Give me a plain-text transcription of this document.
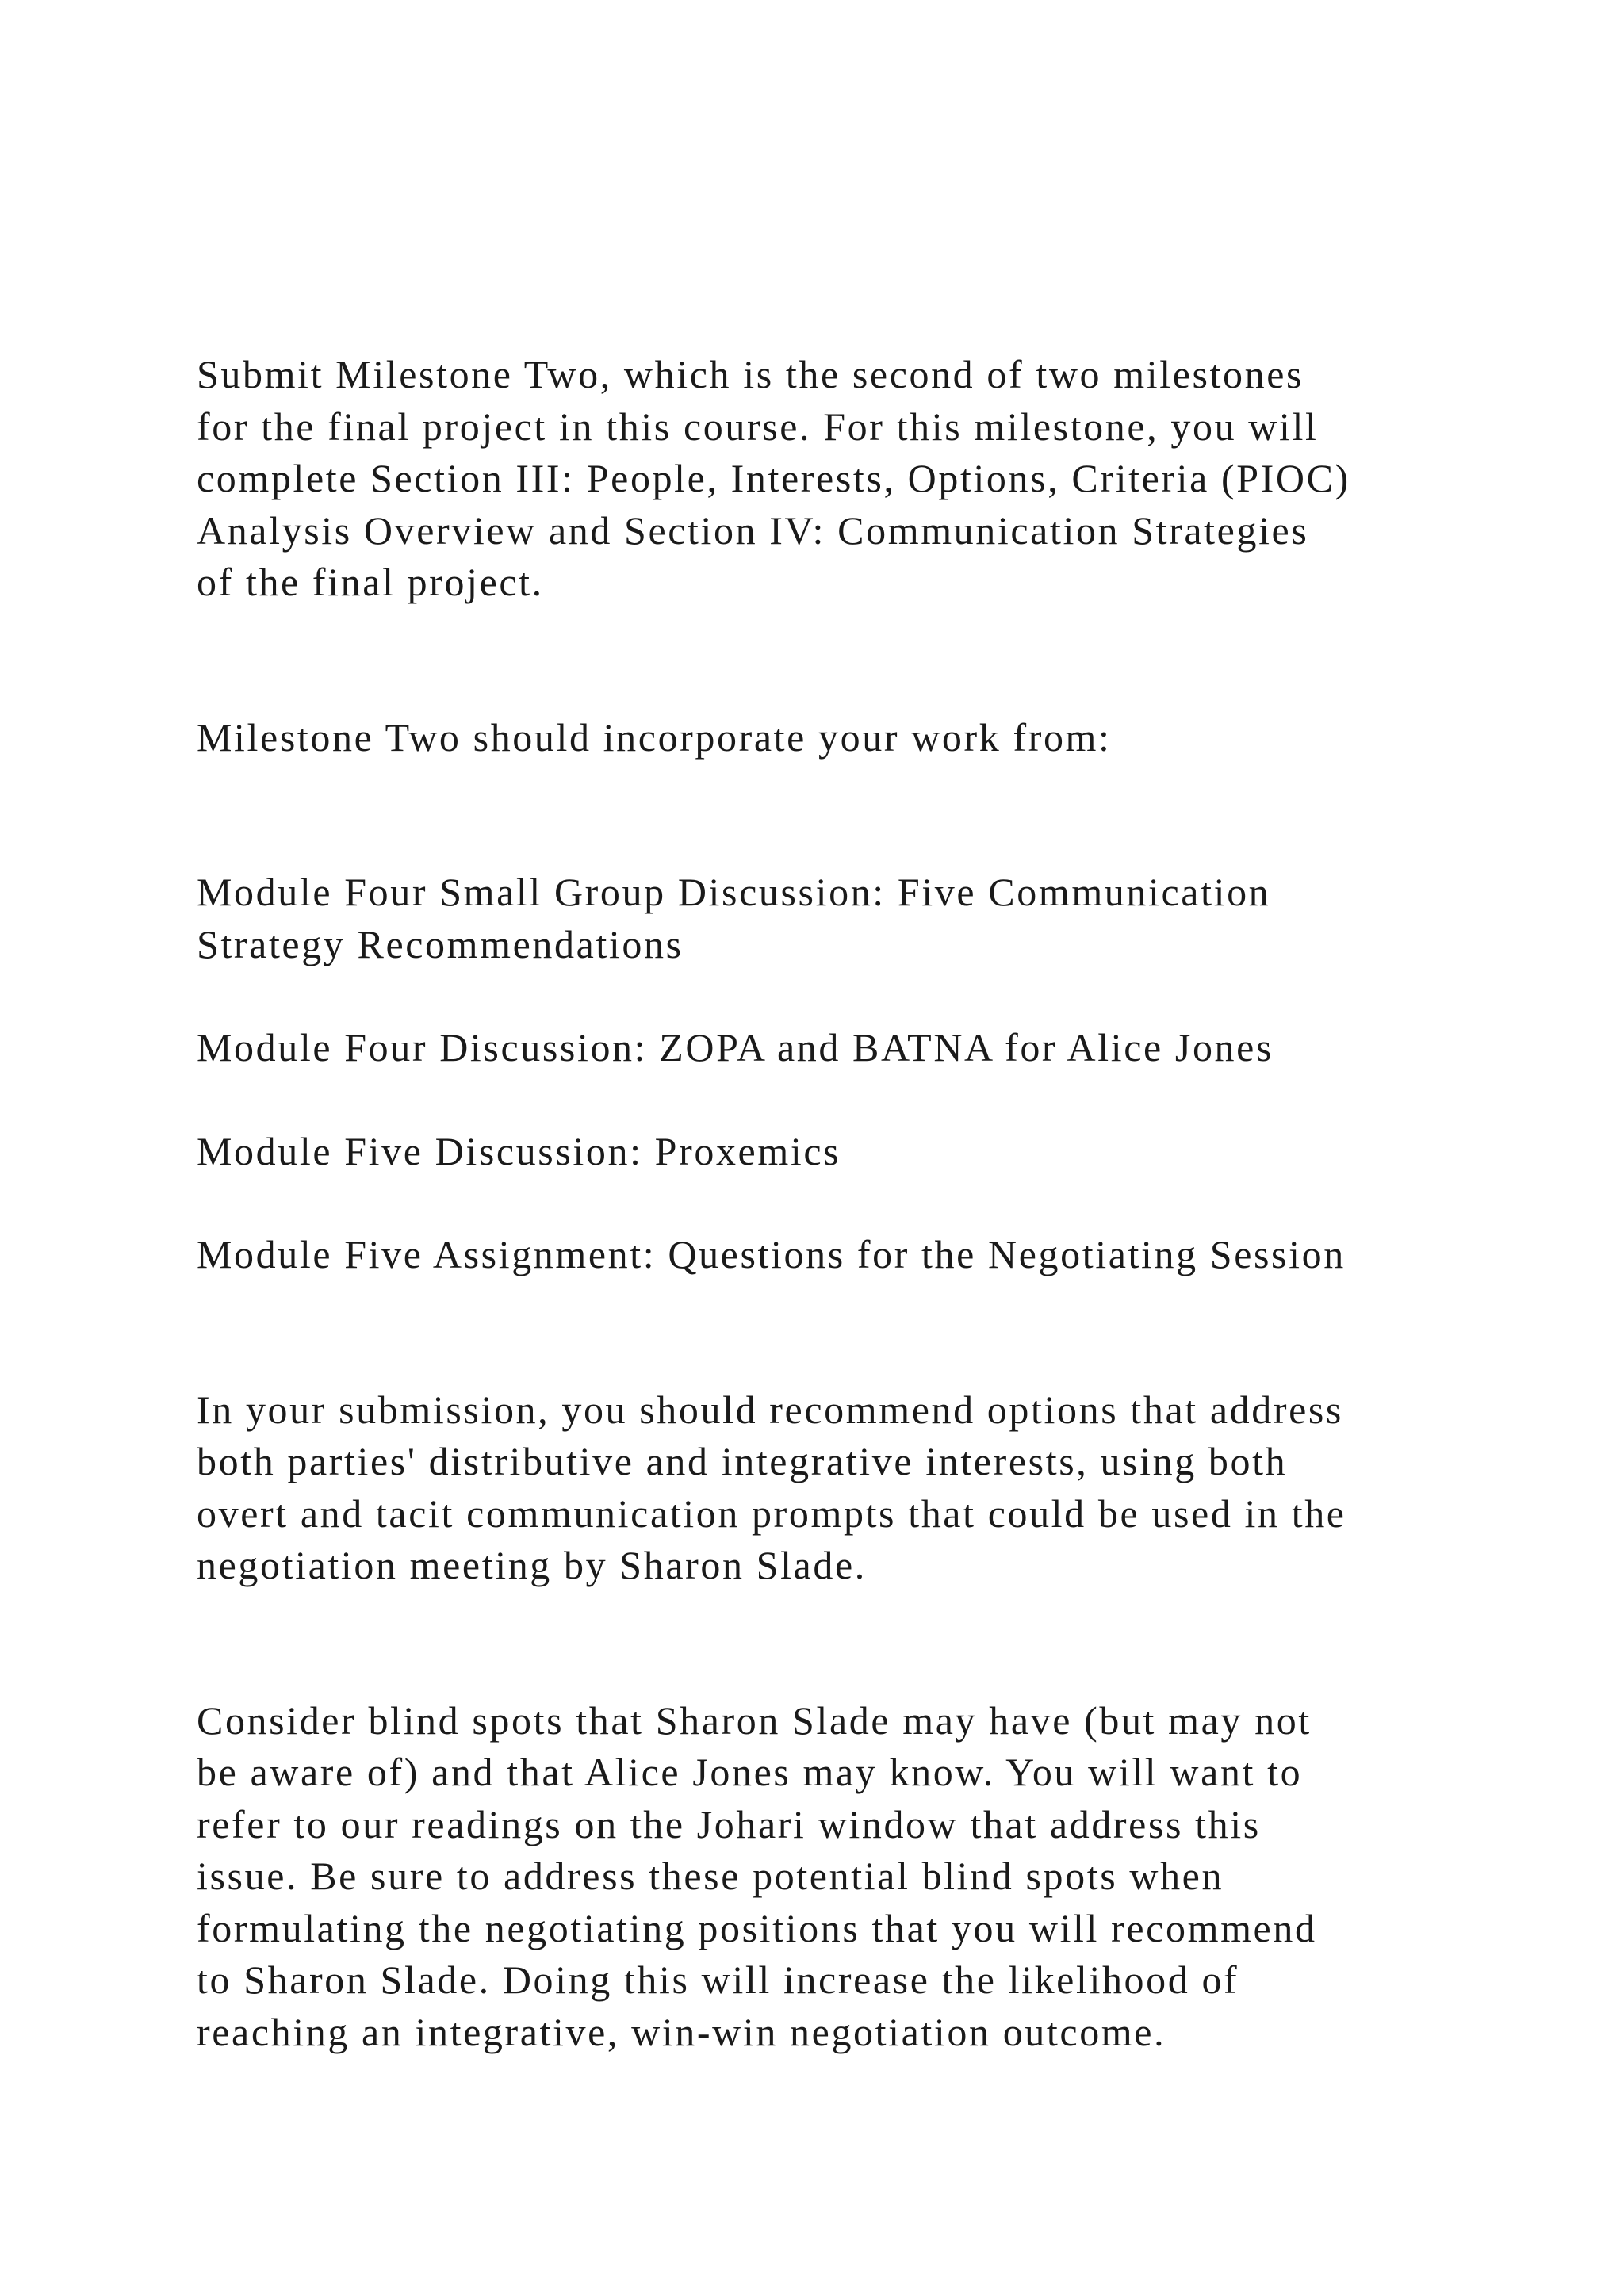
Submit Milestone Two, which is the second of two milestones
for the final project in this course. For this milestone, you will
complete Section III: People, Interests, Options, Criteria (PIOC)
Analysis Overview and Section IV: Communication Strategies
of the final project.

Milestone Two should incorporate your work from:

Module Four Small Group Discussion: Five Communication
Strategy Recommendations

Module Four Discussion: ZOPA and BATNA for Alice Jones

Module Five Discussion: Proxemics

Module Five Assignment: Questions for the Negotiating Session

In your submission, you should recommend options that address
both parties' distributive and integrative interests, using both
overt and tacit communication prompts that could be used in the
negotiation meeting by Sharon Slade.

Consider blind spots that Sharon Slade may have (but may not
be aware of) and that Alice Jones may know. You will want to
refer to our readings on the Johari window that address this
issue. Be sure to address these potential blind spots when
formulating the negotiating positions that you will recommend
to Sharon Slade. Doing this will increase the likelihood of
reaching an integrative, win-win negotiation outcome.
